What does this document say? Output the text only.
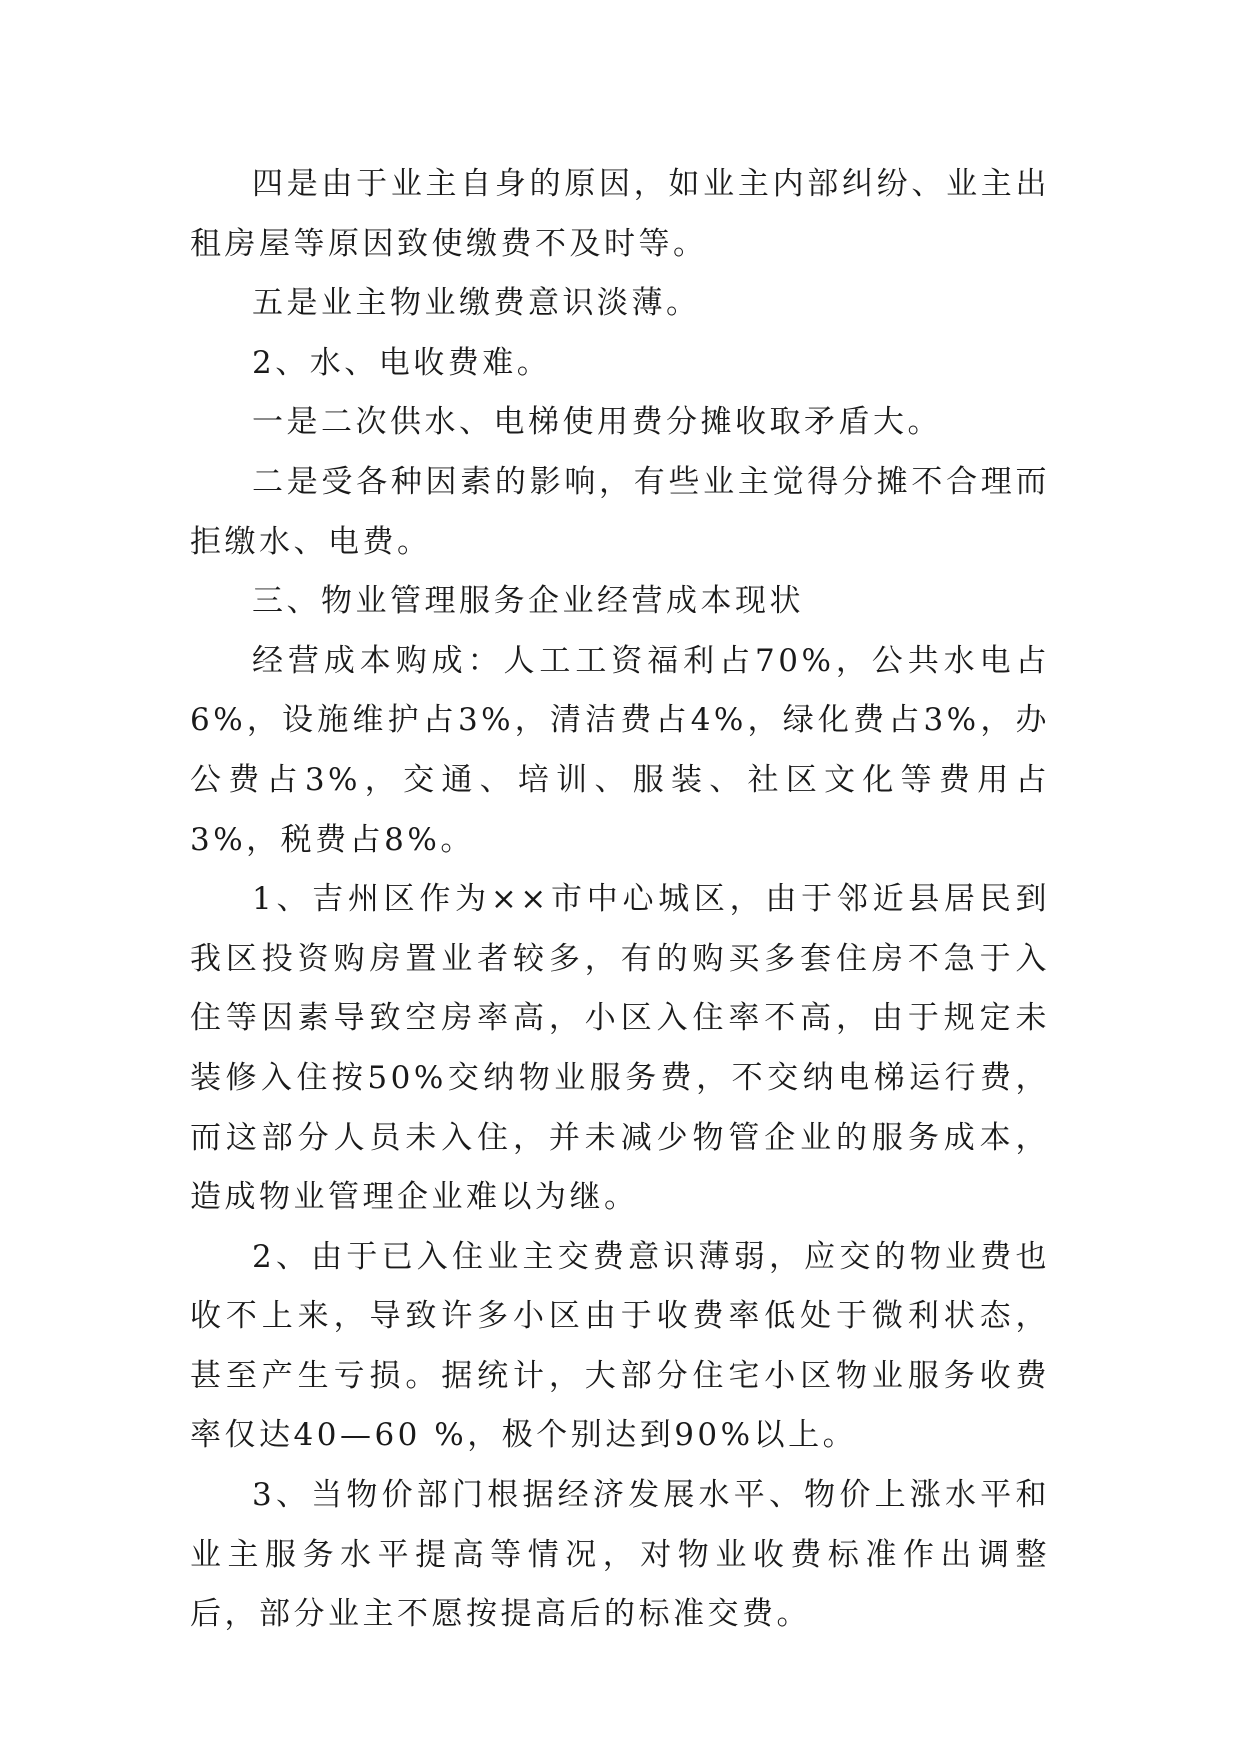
四是由于业主自身的原因，如业主内部纠纷、业主出租房屋等原因致使缴费不及时等。

五是业主物业缴费意识淡薄。

2、水、电收费难。

一是二次供水、电梯使用费分摊收取矛盾大。

二是受各种因素的影响，有些业主觉得分摊不合理而拒缴水、电费。

三、物业管理服务企业经营成本现状

经营成本购成：人工工资福利占70%，公共水电占6%，设施维护占3%，清洁费占4%，绿化费占3%，办公费占3%，交通、培训、服装、社区文化等费用占3%，税费占8%。

1、吉州区作为××市中心城区，由于邻近县居民到我区投资购房置业者较多，有的购买多套住房不急于入住等因素导致空房率高，小区入住率不高，由于规定未装修入住按50%交纳物业服务费，不交纳电梯运行费，而这部分人员未入住，并未减少物管企业的服务成本，造成物业管理企业难以为继。

2、由于已入住业主交费意识薄弱，应交的物业费也收不上来，导致许多小区由于收费率低处于微利状态，甚至产生亏损。据统计，大部分住宅小区物业服务收费率仅达40—60 %，极个别达到90%以上。

3、当物价部门根据经济发展水平、物价上涨水平和业主服务水平提高等情况，对物业收费标准作出调整后，部分业主不愿按提高后的标准交费。
